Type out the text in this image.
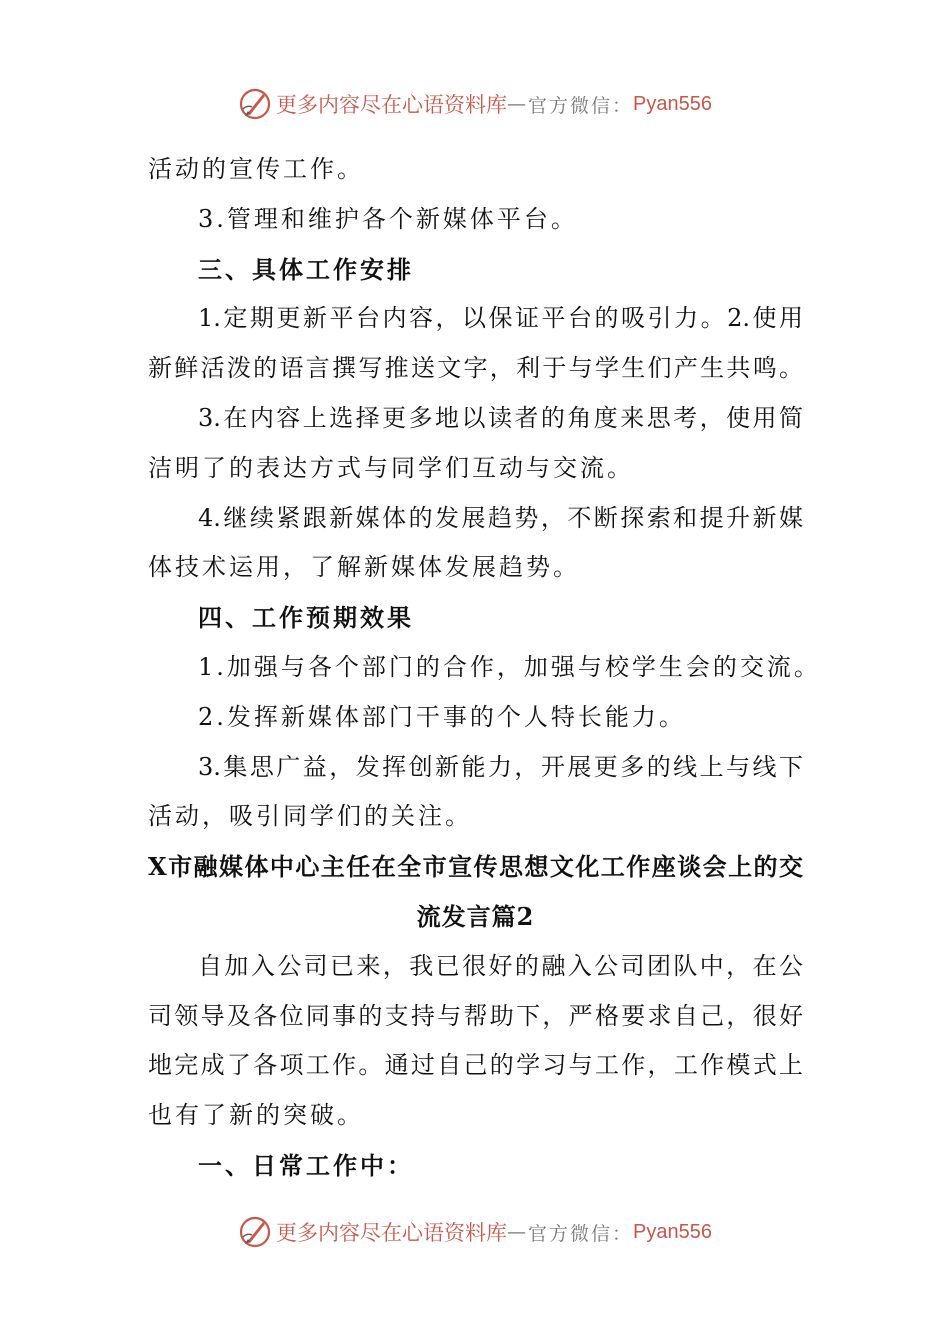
更多内容尽在心语资料库 — 官方微信： Pyan556
活动的宣传工作。
3.管理和维护各个新媒体平台。
三、具体工作安排
1.定期更新平台内容，以保证平台的吸引力。2.使用
新鲜活泼的语言撰写推送文字，利于与学生们产生共鸣。
3.在内容上选择更多地以读者的角度来思考，使用简
洁明了的表达方式与同学们互动与交流。
4.继续紧跟新媒体的发展趋势，不断探索和提升新媒
体技术运用，了解新媒体发展趋势。
四、工作预期效果
1.加强与各个部门的合作，加强与校学生会的交流。
2.发挥新媒体部门干事的个人特长能力。
3.集思广益，发挥创新能力，开展更多的线上与线下
活动，吸引同学们的关注。
X市融媒体中心主任在全市宣传思想文化工作座谈会上的交
流发言篇2
自加入公司已来，我已很好的融入公司团队中，在公
司领导及各位同事的支持与帮助下，严格要求自己，很好
地完成了各项工作。通过自己的学习与工作，工作模式上
也有了新的突破。
一、日常工作中：
更多内容尽在心语资料库 — 官方微信： Pyan556
